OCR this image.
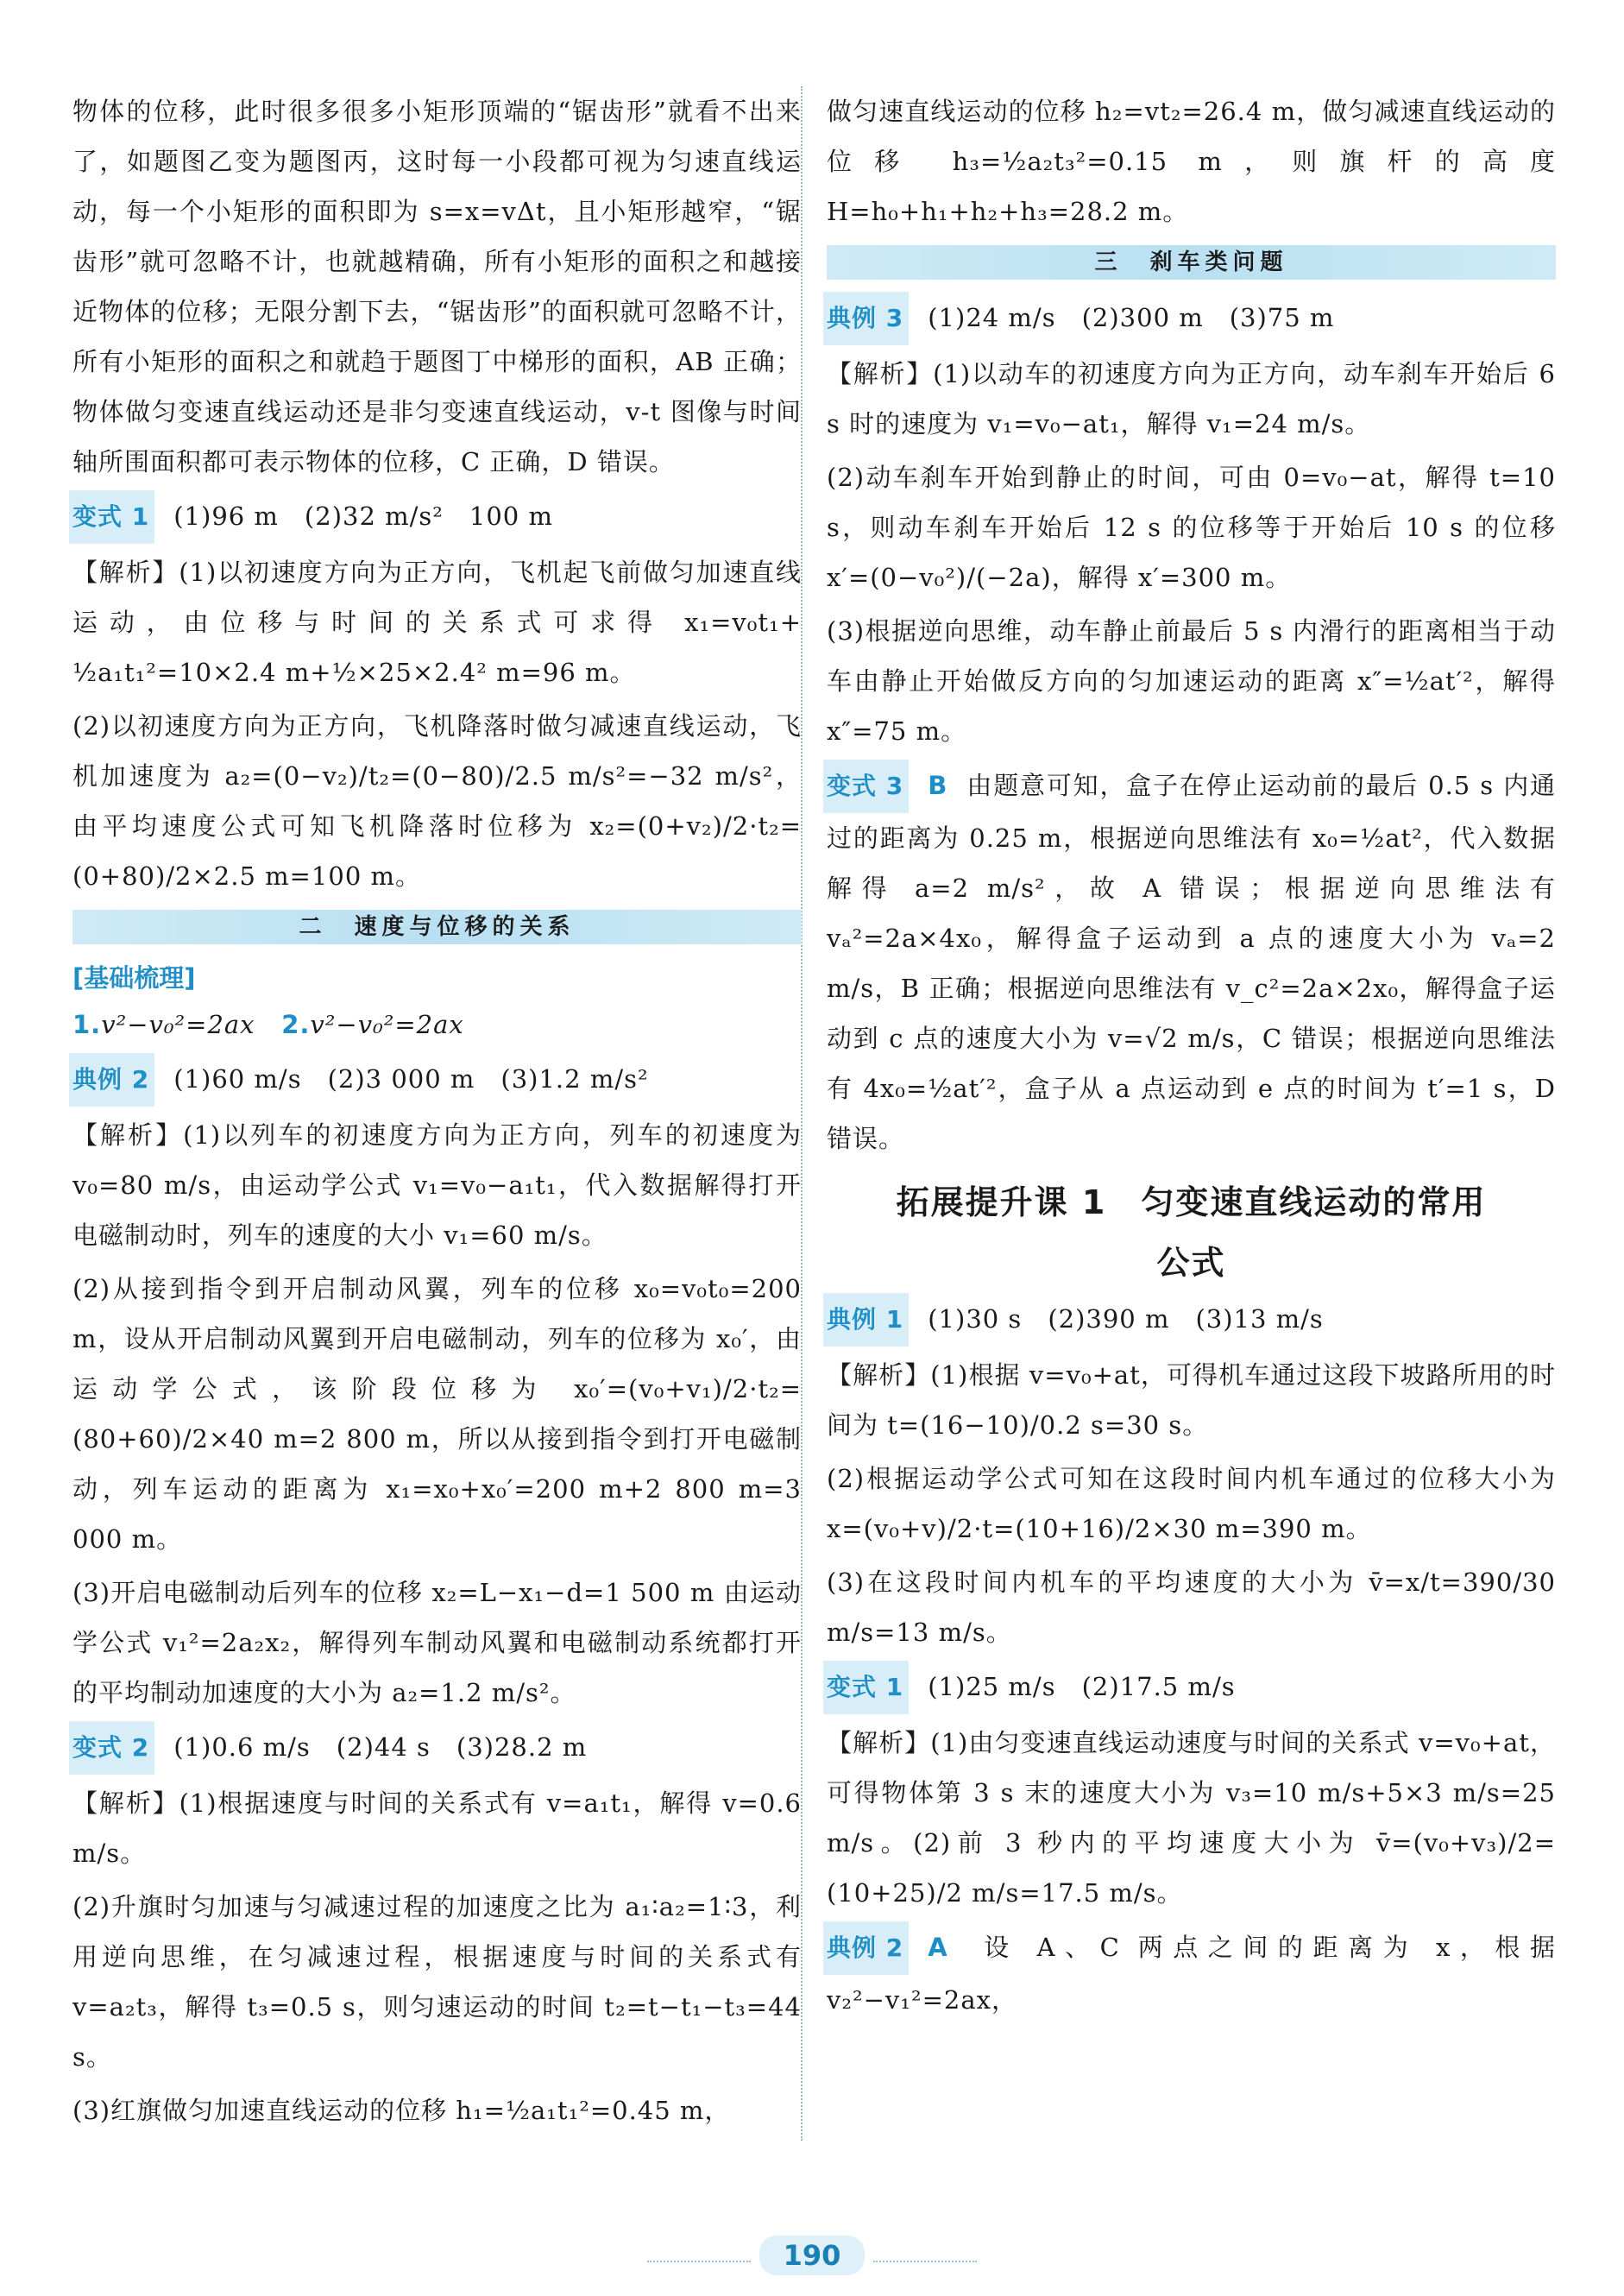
物体的位移，此时很多很多小矩形顶端的“锯齿形”就看不出来了，如题图乙变为题图丙，这时每一小段都可视为匀速直线运动，每一个小矩形的面积即为 s=x=vΔt，且小矩形越窄，“锯齿形”就可忽略不计，也就越精确，所有小矩形的面积之和越接近物体的位移；无限分割下去，“锯齿形”的面积就可忽略不计，所有小矩形的面积之和就趋于题图丁中梯形的面积，AB 正确；物体做匀变速直线运动还是非匀变速直线运动，v-t 图像与时间轴所围面积都可表示物体的位移，C 正确，D 错误。

变式 1 (1)96 m　(2)32 m/s²　100 m

【解析】(1)以初速度方向为正方向，飞机起飞前做匀加速直线运动，由位移与时间的关系式可求得 x₁=v₀t₁+ ½a₁t₁²=10×2.4 m+½×25×2.4² m=96 m。

(2)以初速度方向为正方向，飞机降落时做匀减速直线运动，飞机加速度为 a₂=(0−v₂)/t₂=(0−80)/2.5 m/s²=−32 m/s²，由平均速度公式可知飞机降落时位移为 x₂=(0+v₂)/2·t₂=(0+80)/2×2.5 m=100 m。

二　速度与位移的关系
[基础梳理]

1.v²−v₀²=2ax 2.v²−v₀²=2ax

典例 2 (1)60 m/s　(2)3 000 m　(3)1.2 m/s²

【解析】(1)以列车的初速度方向为正方向，列车的初速度为 v₀=80 m/s，由运动学公式 v₁=v₀−a₁t₁，代入数据解得打开电磁制动时，列车的速度的大小 v₁=60 m/s。

(2)从接到指令到开启制动风翼，列车的位移 x₀=v₀t₀=200 m，设从开启制动风翼到开启电磁制动，列车的位移为 x₀′，由运动学公式，该阶段位移为 x₀′=(v₀+v₁)/2·t₂=(80+60)/2×40 m=2 800 m，所以从接到指令到打开电磁制动，列车运动的距离为 x₁=x₀+x₀′=200 m+2 800 m=3 000 m。

(3)开启电磁制动后列车的位移 x₂=L−x₁−d=1 500 m 由运动学公式 v₁²=2a₂x₂，解得列车制动风翼和电磁制动系统都打开的平均制动加速度的大小为 a₂=1.2 m/s²。

变式 2 (1)0.6 m/s　(2)44 s　(3)28.2 m

【解析】(1)根据速度与时间的关系式有 v=a₁t₁，解得 v=0.6 m/s。

(2)升旗时匀加速与匀减速过程的加速度之比为 a₁∶a₂=1∶3，利用逆向思维，在匀减速过程，根据速度与时间的关系式有 v=a₂t₃，解得 t₃=0.5 s，则匀速运动的时间 t₂=t−t₁−t₃=44 s。

(3)红旗做匀加速直线运动的位移 h₁=½a₁t₁²=0.45 m，

做匀速直线运动的位移 h₂=vt₂=26.4 m，做匀减速直线运动的位移 h₃=½a₂t₃²=0.15 m，则旗杆的高度 H=h₀+h₁+h₂+h₃=28.2 m。

三　刹车类问题

典例 3 (1)24 m/s　(2)300 m　(3)75 m

【解析】(1)以动车的初速度方向为正方向，动车刹车开始后 6 s 时的速度为 v₁=v₀−at₁，解得 v₁=24 m/s。

(2)动车刹车开始到静止的时间，可由 0=v₀−at，解得 t=10 s，则动车刹车开始后 12 s 的位移等于开始后 10 s 的位移 x′=(0−v₀²)/(−2a)，解得 x′=300 m。

(3)根据逆向思维，动车静止前最后 5 s 内滑行的距离相当于动车由静止开始做反方向的匀加速运动的距离 x″=½at′²，解得 x″=75 m。

变式 3 B 由题意可知，盒子在停止运动前的最后 0.5 s 内通过的距离为 0.25 m，根据逆向思维法有 x₀=½at²，代入数据解得 a=2 m/s²，故 A 错误；根据逆向思维法有 vₐ²=2a×4x₀，解得盒子运动到 a 点的速度大小为 vₐ=2 m/s，B 正确；根据逆向思维法有 v_c²=2a×2x₀，解得盒子运动到 c 点的速度大小为 v=√2 m/s，C 错误；根据逆向思维法有 4x₀=½at′²，盒子从 a 点运动到 e 点的时间为 t′=1 s，D 错误。

拓展提升课 1　匀变速直线运动的常用
公式

典例 1 (1)30 s　(2)390 m　(3)13 m/s

【解析】(1)根据 v=v₀+at，可得机车通过这段下坡路所用的时间为 t=(16−10)/0.2 s=30 s。

(2)根据运动学公式可知在这段时间内机车通过的位移大小为 x=(v₀+v)/2·t=(10+16)/2×30 m=390 m。

(3)在这段时间内机车的平均速度的大小为 v̄=x/t=390/30 m/s=13 m/s。

变式 1 (1)25 m/s　(2)17.5 m/s

【解析】(1)由匀变速直线运动速度与时间的关系式 v=v₀+at，可得物体第 3 s 末的速度大小为 v₃=10 m/s+5×3 m/s=25 m/s。(2)前 3 秒内的平均速度大小为 v̄=(v₀+v₃)/2=(10+25)/2 m/s=17.5 m/s。

典例 2 A 设 A、C 两点之间的距离为 x，根据 v₂²−v₁²=2ax，

190
